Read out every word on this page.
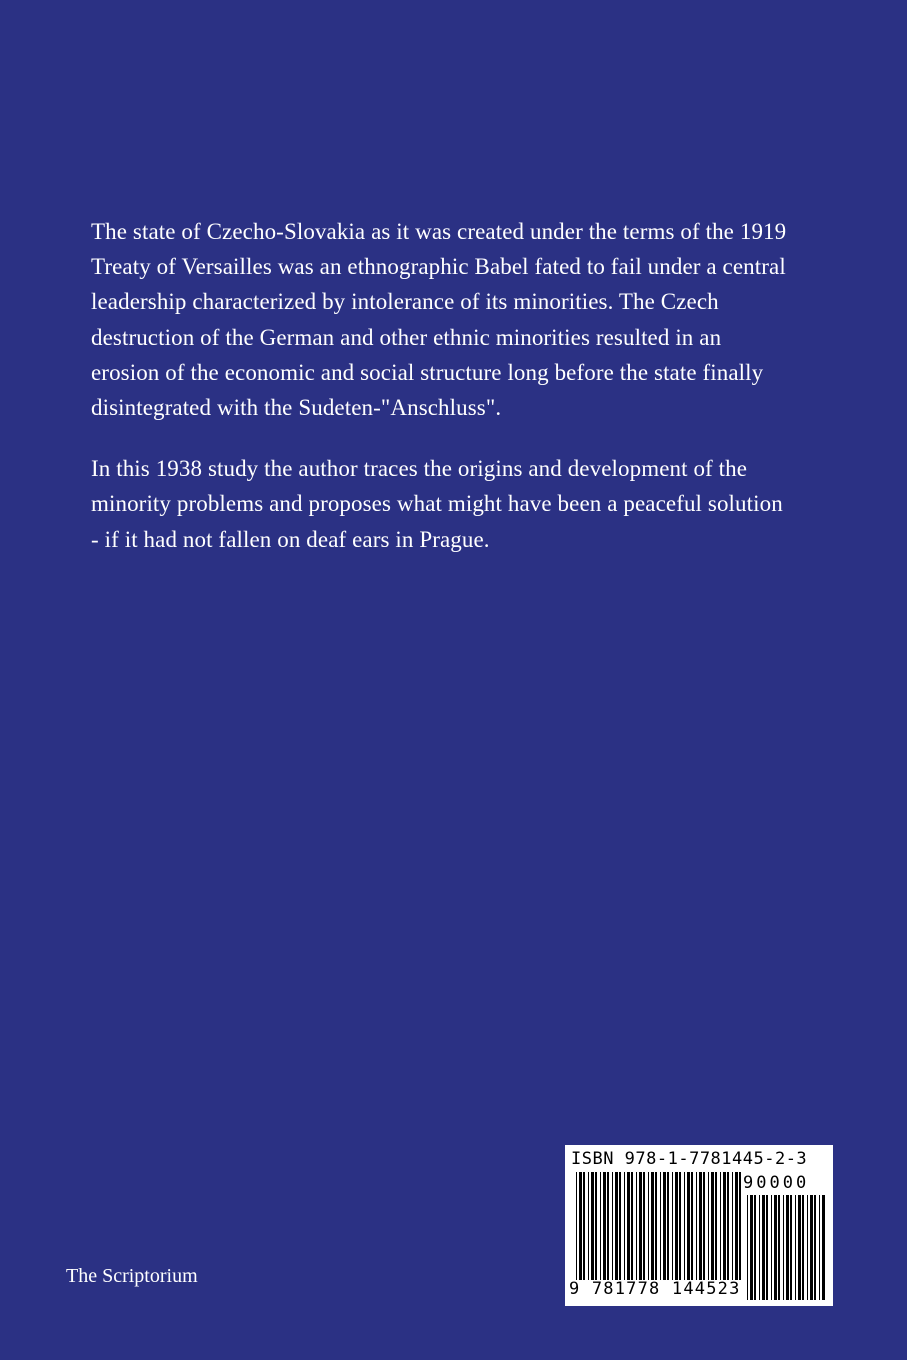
The state of Czecho-Slovakia as it was created under the terms of the 1919 Treaty of Versailles was an ethnographic Babel fated to fail under a central leadership characterized by intolerance of its minorities. The Czech destruction of the German and other ethnic minorities resulted in an erosion of the economic and social structure long before the state finally disintegrated with the Sudeten-"Anschluss".

In this 1938 study the author traces the origins and development of the minority problems and proposes what might have been a peaceful solution - if it had not fallen on deaf ears in Prague.

The Scriptorium
ISBN 978-1-7781445-2-3
9 781778 144523
90000
